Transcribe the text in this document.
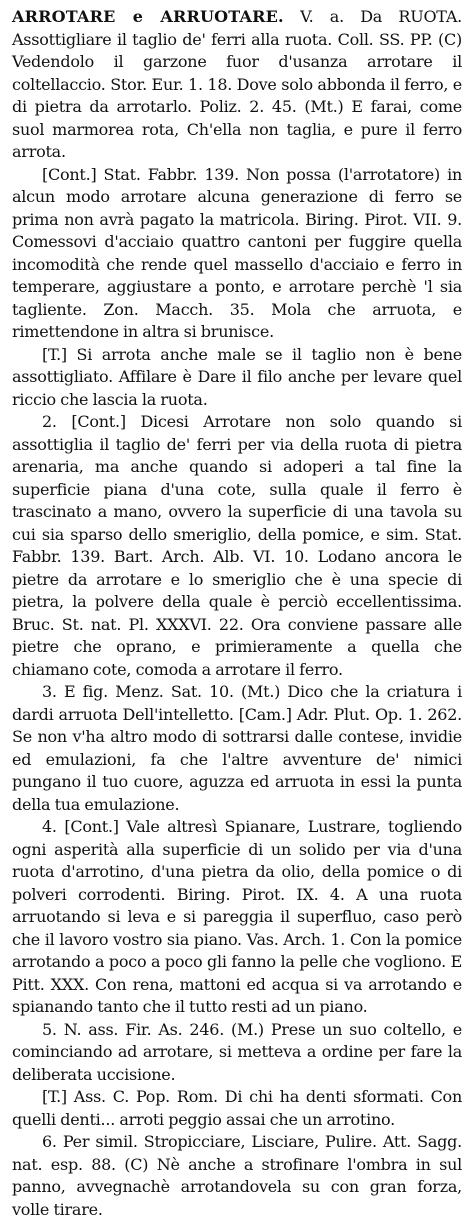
ARROTARE e ARRUOTARE. V. a. Da RUOTA. Assottigliare il taglio de' ferri alla ruota. Coll. SS. PP. (C) Vedendolo il garzone fuor d'usanza arrotare il coltellaccio. Stor. Eur. 1. 18. Dove solo abbonda il ferro, e di pietra da arrotarlo. Poliz. 2. 45. (Mt.) E farai, come suol marmorea rota, Ch'ella non taglia, e pure il ferro arrota.

[Cont.] Stat. Fabbr. 139. Non possa (l'arrotatore) in alcun modo arrotare alcuna generazione di ferro se prima non avrà pagato la matricola. Biring. Pirot. VII. 9. Comessovi d'acciaio quattro cantoni per fuggire quella incomodità che rende quel massello d'acciaio e ferro in temperare, aggiustare a ponto, e arrotare perchè 'l sia tagliente. Zon. Macch. 35. Mola che arruota, e rimettendone in altra si brunisce.

[T.] Si arrota anche male se il taglio non è bene assottigliato. Affilare è Dare il filo anche per levare quel riccio che lascia la ruota.

2. [Cont.] Dicesi Arrotare non solo quando si assottiglia il taglio de' ferri per via della ruota di pietra arenaria, ma anche quando si adoperi a tal fine la superficie piana d'una cote, sulla quale il ferro è trascinato a mano, ovvero la superficie di una tavola su cui sia sparso dello smeriglio, della pomice, e sim. Stat. Fabbr. 139. Bart. Arch. Alb. VI. 10. Lodano ancora le pietre da arrotare e lo smeriglio che è una specie di pietra, la polvere della quale è perciò eccellentissima. Bruc. St. nat. Pl. XXXVI. 22. Ora conviene passare alle pietre che oprano, e primieramente a quella che chiamano cote, comoda a arrotare il ferro.

3. E fig. Menz. Sat. 10. (Mt.) Dico che la criatura i dardi arruota Dell'intelletto. [Cam.] Adr. Plut. Op. 1. 262. Se non v'ha altro modo di sottrarsi dalle contese, invidie ed emulazioni, fa che l'altre avventure de' nimici pungano il tuo cuore, aguzza ed arruota in essi la punta della tua emulazione.

4. [Cont.] Vale altresì Spianare, Lustrare, togliendo ogni asperità alla superficie di un solido per via d'una ruota d'arrotino, d'una pietra da olio, della pomice o di polveri corrodenti. Biring. Pirot. IX. 4. A una ruota arruotando si leva e si pareggia il superfluo, caso però che il lavoro vostro sia piano. Vas. Arch. 1. Con la pomice arrotando a poco a poco gli fanno la pelle che vogliono. E Pitt. XXX. Con rena, mattoni ed acqua si va arrotando e spianando tanto che il tutto resti ad un piano.

5. N. ass. Fir. As. 246. (M.) Prese un suo coltello, e cominciando ad arrotare, si metteva a ordine per fare la deliberata uccisione.

[T.] Ass. C. Pop. Rom. Di chi ha denti sformati. Con quelli denti... arroti peggio assai che un arrotino.

6. Per simil. Stropicciare, Lisciare, Pulire. Att. Sagg. nat. esp. 88. (C) Nè anche a strofinare l'ombra in sul panno, avvegnachè arrotandovela su con gran forza, volle tirare.
